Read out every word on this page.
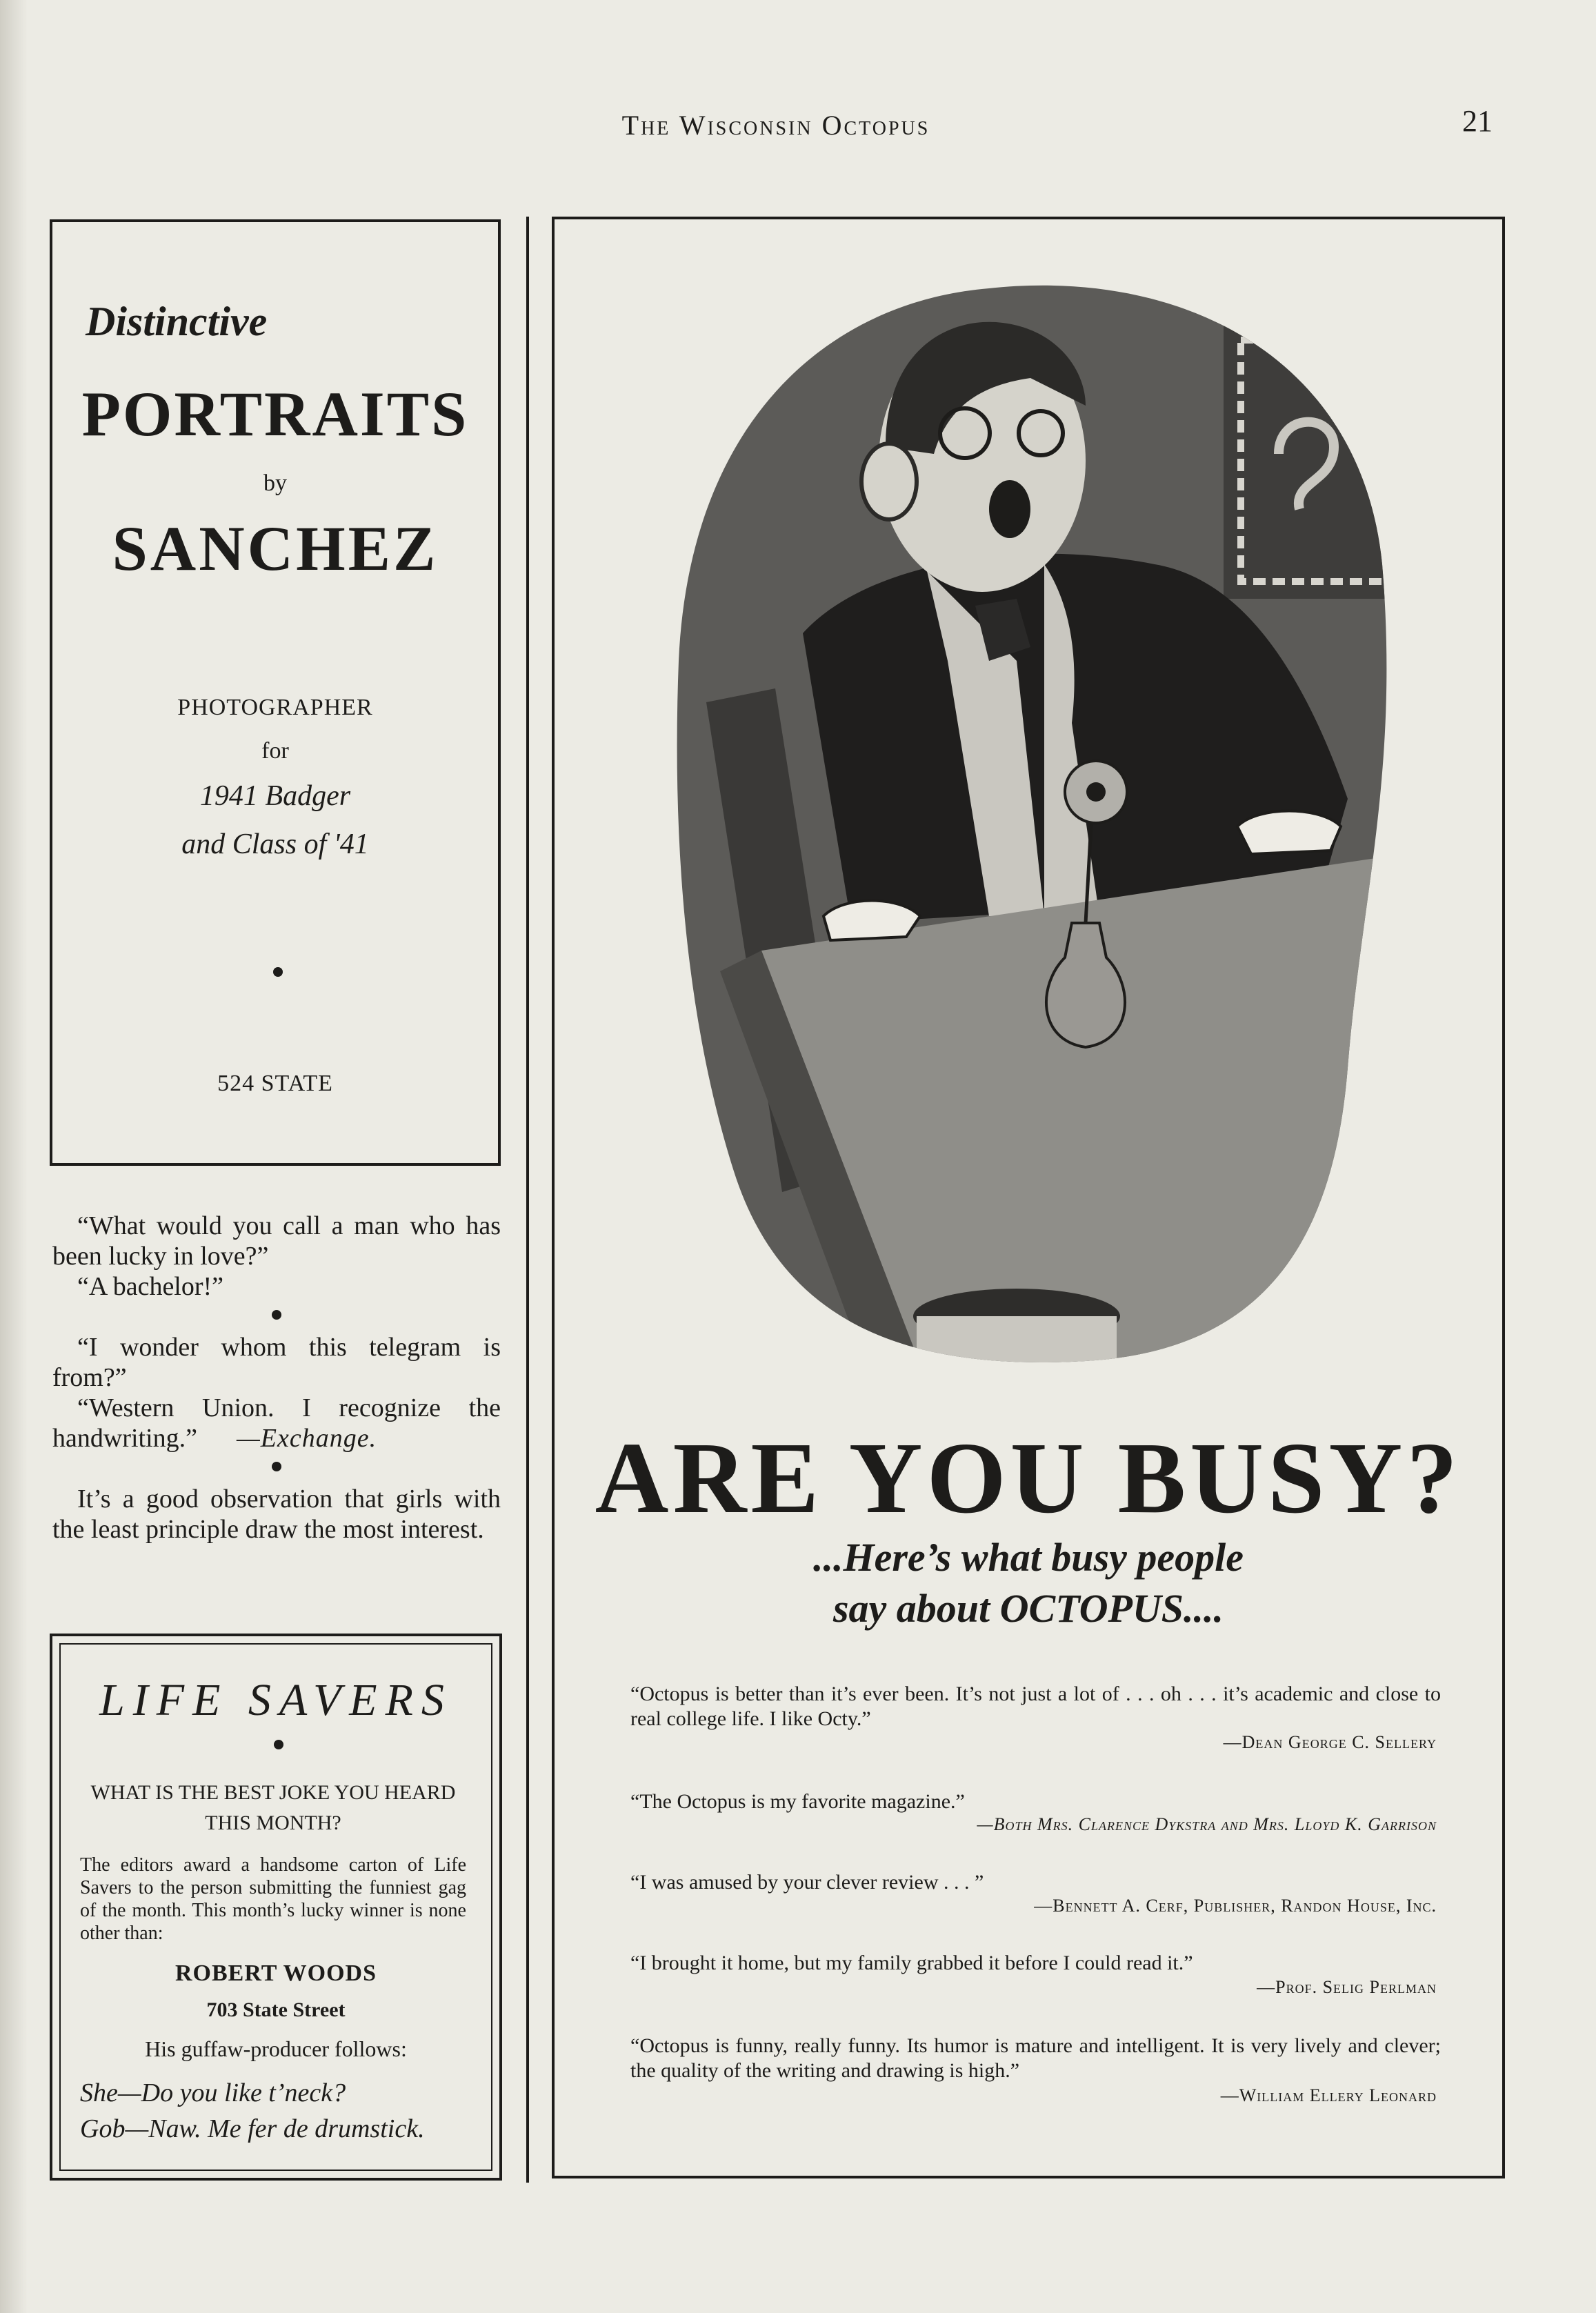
The Wisconsin Octopus	21
Distinctive
PORTRAITS
by
SANCHEZ
PHOTOGRAPHER
for
1941 Badger
and Class of '41
524 STATE

“What would you call a man who has been lucky in love?”

“A bachelor!”

“I wonder whom this telegram is from?”

“Western Union. I recognize the handwriting.” —Exchange.

It’s a good observation that girls with the least principle draw the most interest.

LIFE SAVERS
WHAT IS THE BEST JOKE YOU HEARD THIS MONTH?
The editors award a handsome carton of Life Savers to the person submitting the funniest gag of the month. This month’s lucky winner is none other than:
ROBERT WOODS
703 State Street
His guffaw-producer follows:
She—Do you like t’neck?
Gob—Naw. Me fer de drumstick.
ARE YOU BUSY?
...Here’s what busy people
say about OCTOPUS....
“Octopus is better than it’s ever been. It’s not just a lot of . . . oh . . . it’s academic and close to real college life. I like Octy.”
—Dean George C. Sellery
“The Octopus is my favorite magazine.”
—Both Mrs. Clarence Dykstra and Mrs. Lloyd K. Garrison
“I was amused by your clever review . . . ”
—Bennett A. Cerf, Publisher, Randon House, Inc.
“I brought it home, but my family grabbed it before I could read it.”
—Prof. Selig Perlman
“Octopus is funny, really funny. Its humor is mature and intelligent. It is very lively and clever; the quality of the writing and drawing is high.”
—William Ellery Leonard
